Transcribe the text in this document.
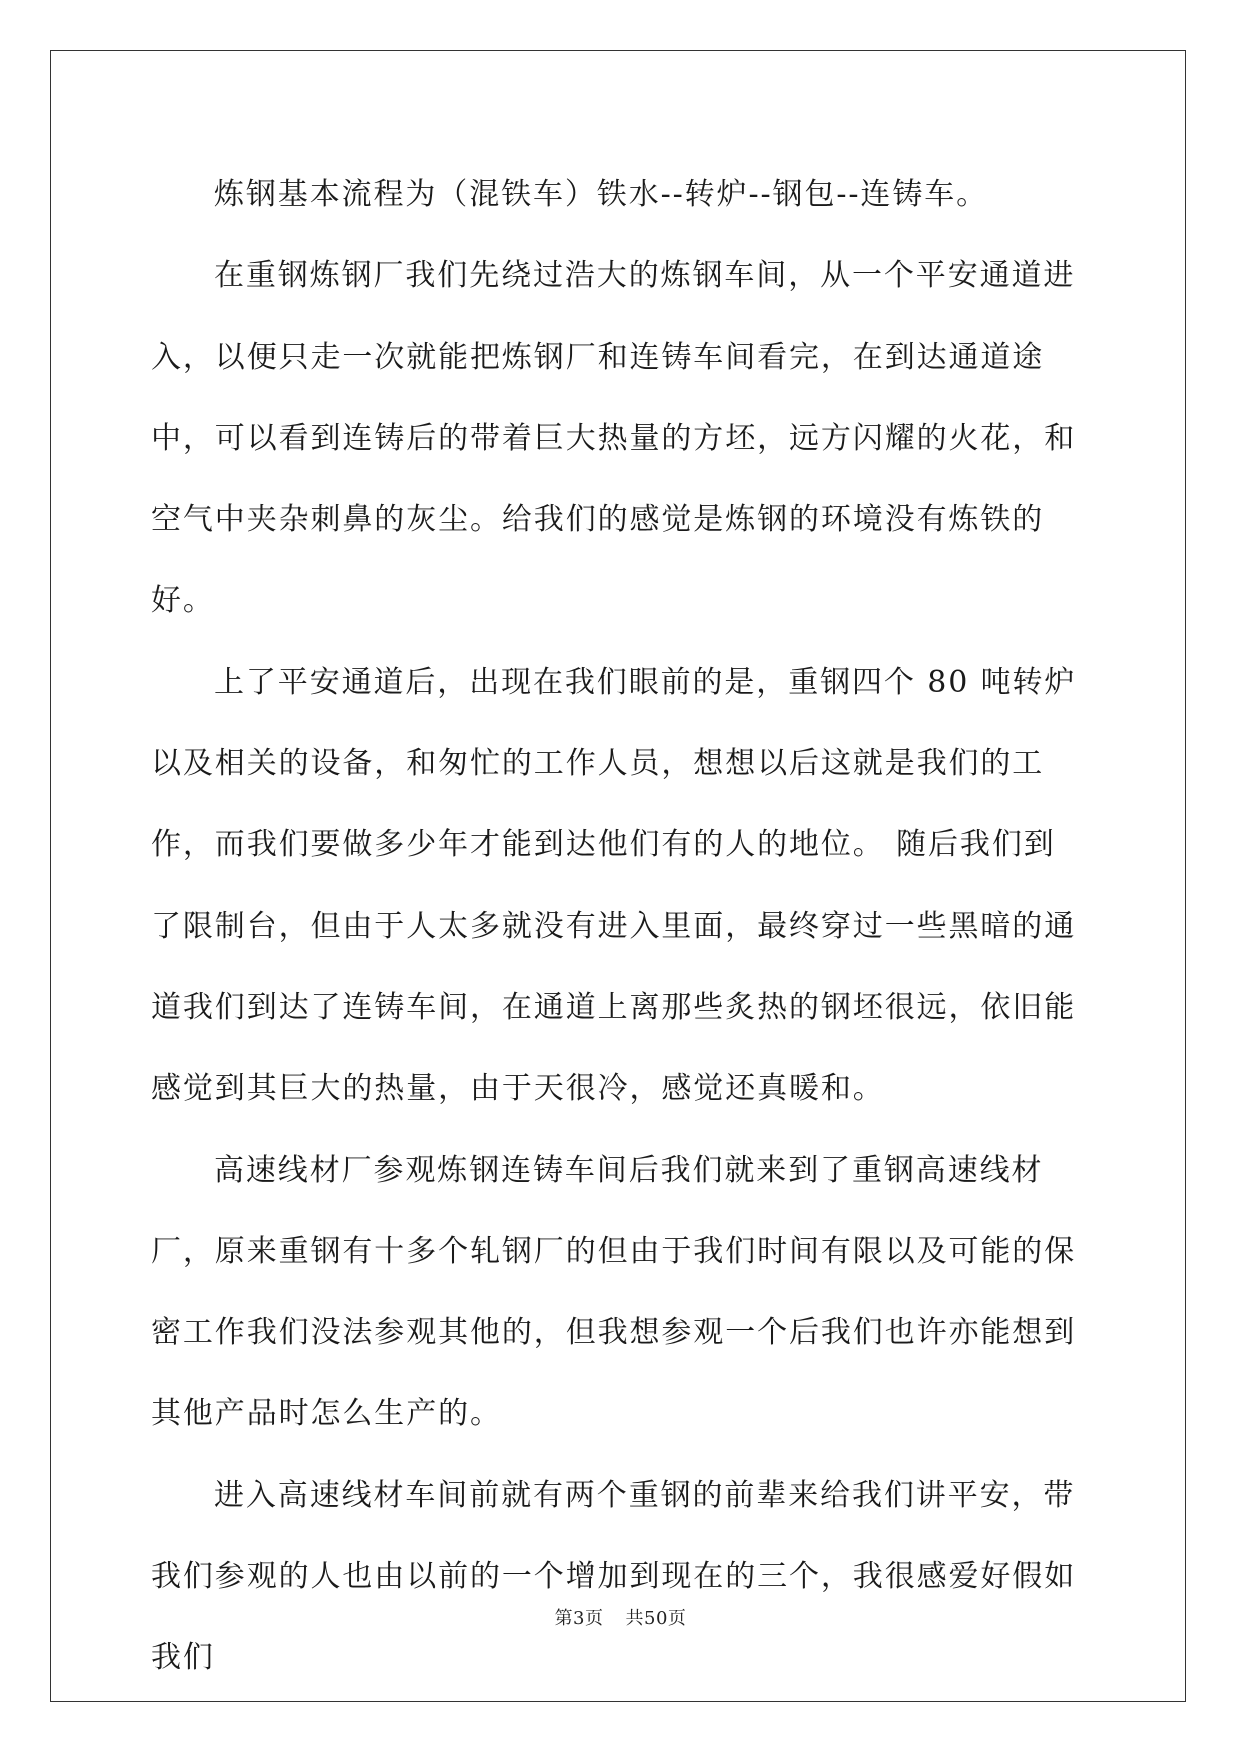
炼钢基本流程为（混铁车）铁水--转炉--钢包--连铸车。

在重钢炼钢厂我们先绕过浩大的炼钢车间，从一个平安通道进入，以便只走一次就能把炼钢厂和连铸车间看完，在到达通道途中，可以看到连铸后的带着巨大热量的方坯，远方闪耀的火花，和空气中夹杂刺鼻的灰尘。给我们的感觉是炼钢的环境没有炼铁的好。

上了平安通道后，出现在我们眼前的是，重钢四个 80 吨转炉以及相关的设备，和匆忙的工作人员，想想以后这就是我们的工作，而我们要做多少年才能到达他们有的人的地位。 随后我们到了限制台，但由于人太多就没有进入里面，最终穿过一些黑暗的通道我们到达了连铸车间，在通道上离那些炙热的钢坯很远，依旧能感觉到其巨大的热量，由于天很冷，感觉还真暖和。

高速线材厂参观炼钢连铸车间后我们就来到了重钢高速线材厂，原来重钢有十多个轧钢厂的但由于我们时间有限以及可能的保密工作我们没法参观其他的，但我想参观一个后我们也许亦能想到其他产品时怎么生产的。

进入高速线材车间前就有两个重钢的前辈来给我们讲平安，带我们参观的人也由以前的一个增加到现在的三个，我很感爱好假如我们

第3页 共50页
